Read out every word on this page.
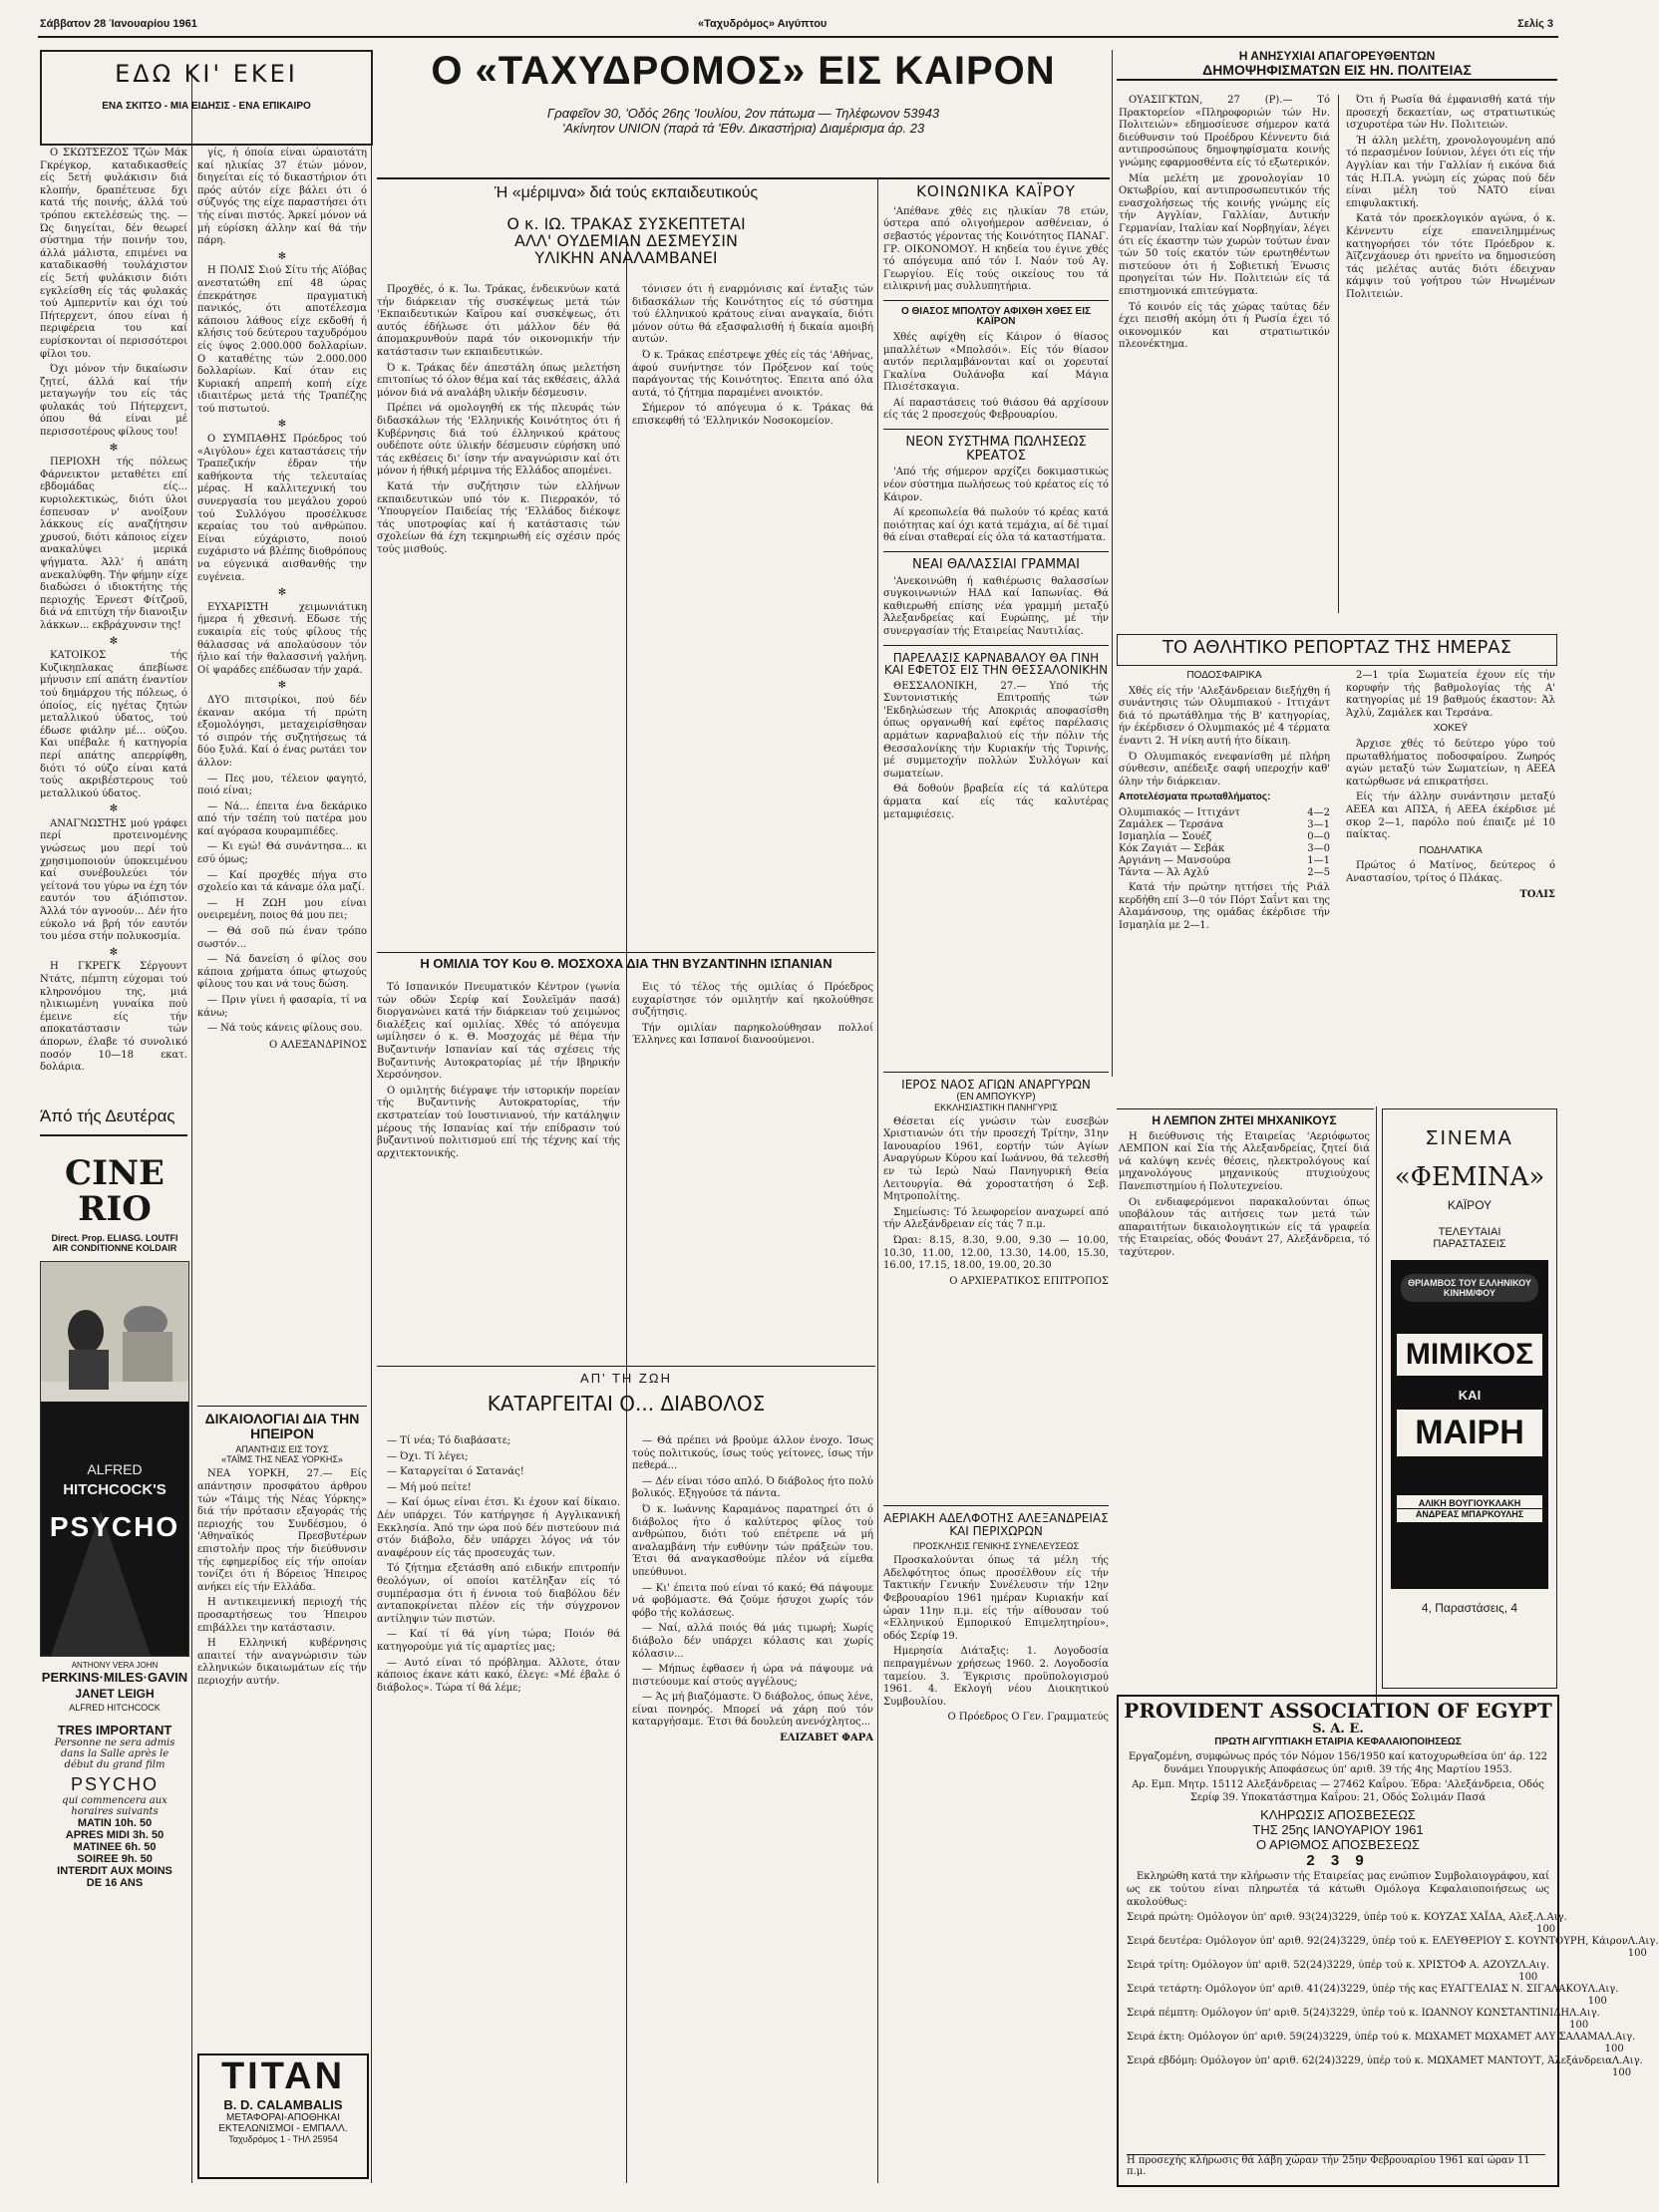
Σάββατον 28 Ίανουαρίου 1961	«Ταχυδρόμος» Αιγύπτου	Σελίς 3
ΕΔΩ ΚΙ' ΕΚΕΙ
ΕΝΑ ΣΚΙΤΣΟ - ΜΙΑ ΕΙΔΗΣΙΣ - ΕΝΑ ΕΠΙΚΑΙΡΟ

Ο ΣΚΩΤΣΕΖΟΣ Τζών Μάκ Γκρέγκορ, καταδικασθείς είς 5ετή φυλάκισιν διά κλοπήν, δραπέτευσε δχι κατά τής ποινής, άλλά τού τρόπου εκτελέσεώς της. — Ώς διηγείται, δέν θεωρεί σύστημα τήν ποινήν του, άλλά μάλιστα, επιμένει να καταδικασθή τουλάχιστον είς 5ετή φυλάκισιν διότι εγκλείσθη είς τάς φυλακάς τού Αμπερντίν και όχι τού Πήτερχεντ, όπου είναι ή περιφέρεια του καί ευρίσκονται οί περισσότεροι φίλοι του.

Όχι μόνον τήν δικαίωσιν ζητεί, άλλά καί τήν μεταγωγήν του είς τάς φυλακάς τού Πήτερχεντ, όπου θά είναι μέ περισσοτέρους φίλους του!

✻

ΠΕΡΙΟΧΗ τής πόλεως Φάρνεικτον μεταθέτει επί εβδομάδας είς... κυριολεκτικώς, διότι ύλοι έσπευσαν ν' ανοίξουν λάκκους είς αναζήτησιν χρυσού, διότι κάποιος είχεν ανακαλύψει μερικά ψήγματα. Άλλ' ή απάτη ανεκαλύφθη. Τήν φήμην είχε διαδώσει ό ιδιοκτήτης τής περιοχής Έρνεστ Φίτζροϋ, διά νά επιτύχη τήν διανοιξιν λάκκων... εκβράχυνσιν της!

✻

ΚΑΤΟΙΚΟΣ τής Κυζικηπλακας άπεβίωσε μήνυσιν επί απάτη έναντίον τού δημάρχου τής πόλεως, ό όποίος, είς ηγέτας ζητών μεταλλικού ύδατος, τού έδωσε φιάλην μέ... ούζου. Και υπέβαλε ή κατηγορία περί απάτης απερρίφθη, διότι τό ούζο είναι κατά τούς ακριβέστερους τού μεταλλικού ύδατος.

✻

ΑΝΑΓΝΩΣΤΗΣ μού γράφει περί προτεινομένης γνώσεως μου περί τού χρησιμοποιούν ύποκειμένου καί συνέβουλεύει τόν γείτονά του γύρω να έχη τόν εαυτόν του άξιόπιστον. Άλλά τόν αγνοούν... Δέν ήτο εύκολο νά βρή τόν εαυτόν του μέσα στήν πολυκοσμία.

✻

Η ΓΚΡΕΓΚ Σέργουντ Ντάτς, πέμπτη εύχομαι τού κληρονόμου της, μιά ηλικιωμένη γυναίκα πού έμεινε είς τήν αποκατάστασιν τών άπορων, έλαβε τό συνολικό ποσόν 10—18 εκατ. δολάρια.

Άπό τής Δευτέρας
CINE RIO
Direct. Prop. ELIASG. LOUTFI
AIR CONDITIONNE KOLDAIR
ALFRED
HITCHCOCK'S
PSYCHO
ANTHONY VERA JOHN
PERKINS·MILES·GAVIN
JANET LEIGH
ALFRED HITCHCOCK
TRES IMPORTANT
Personne ne sera admis
dans la Salle après le
début du grand film
PSYCHO
qui commencera aux
horaires suivants
MATIN 10h. 50
APRES MIDI 3h. 50
MATINEE 6h. 50
SOIREE 9h. 50
INTERDIT AUX MOINS
DE 16 ANS

γίς, ή όποία είναι ώραιοτάτη καί ηλικίας 37 έτών μόνον, διηγείται είς τό δικαστήριον ότι πρός αύτόν είχε βάλει ότι ό σύζυγός της είχε παραστήσει ότι τής είναι πιστός. Άρκεί μόνον νά μή εύρίσκη άλλην καί θά τήν πάρη.

✻

Η ΠΟΛΙΣ Σιού Σίτυ τής Αϊόβας ανεστατώθη επί 48 ώρας έπεκράτησε πραγματική πανικός, ότι αποτέλεσμα κάποιου λάθους είχε εκδοθή ή κλήσις τού δεύτερου ταχυδρόμου είς ύψος 2.000.000 δολλαρίων. Ο καταθέτης τών 2.000.000 δολλαρίων. Καί όταν εις Κυριακή απρεπή κοπή είχε ιδιαιτέρως μετά τής Τραπέζης τού πιστωτού.

✻

Ο ΣΥΜΠΑΘΗΣ Πρόεδρος τού «Αιγύλου» έχει καταστάσεις τήν Τραπεζικήν έδραν τήν καθήκοντα τής τελευταίας μέρας. Η καλλιτεχνική του συνεργασία του μεγάλου χορού τού Συλλόγου προσέλκυσε κεραίας του τού ανθρώπου. Είναι εύχάριστο, ποιού ευχάριστο νά βλέπης διοθρόπους να εύγενικά αισθανθής την ευγένεια.

✻

ΕΥΧΑΡΙΣΤΗ χειμωνιάτικη ήμερα ή χθεσινή. Εδωσε τής ευκαιρία είς τούς φίλους τής θάλασσας νά απολαύσουν τόν ήλιο καί τήν θαλασσινή γαλήνη. Οί ψαράδες επέδωσαν τήν χαρά.

✻

ΔΥΟ πιτσιρίκοι, πού δέν έκαναν ακόμα τή πρώτη εξομολόγησι, μεταχειρίσθησαν τό σιπρόν τής συζητήσεως τά δύο ξυλά. Καί ό ένας ρωτάει τον άλλον:

— Πες μου, τέλειον φαγητό, ποιό είναι;

— Νά... έπειτα ένα δεκάρικο από τήν τσέπη τού πατέρα μου καί αγόρασα κουραμπιέδες.

— Κι εγώ! Θά συνάντησα... κι εσύ όμως;

— Καί προχθές πήγα στο σχολείο και τά κάναμε όλα μαζί.

— Η ΖΩΗ μου είναι ονειρεμένη, ποιος θά μου πει;

— Θά σοῦ πώ έναν τρόπο σωστόν...

— Νά δανείση ό φίλος σου κάποια χρήματα όπως φτωχούς φίλους του και νά τους δώση.

— Πριν γίνει ή φασαρία, τί να κάνω;

— Νά τούς κάνεις φίλους σου.

Ο ΑΛΕΞΑΝΔΡΙΝΟΣ
ΔΙΚΑΙΟΛΟΓΙΑΙ ΔΙΑ ΤΗΝ ΗΠΕΙΡΟΝ
ΑΠΑΝΤΗΣΙΣ ΕΙΣ ΤΟΥΣ
«ΤΑΪΜΣ ΤΗΣ ΝΕΑΣ ΥΟΡΚΗΣ»

ΝΕΑ ΥΟΡΚΗ, 27.— Είς απάντησιν προσφάτου άρθρου τών «Τάιμς τής Νέας Υόρκης» διά τήν πρότασιν εξαγοράς τής περιοχής του Συνδέσμου, ό 'Αθηναϊκός Πρεσβυτέρων επιστολήν προς τήν διεύθυνσιν τής εφημερίδος είς τήν οποίαν τονίζει ότι ή Βόρειος Ήπειρος ανήκει είς τήν Ελλάδα.

Η αντικειμενική περιοχή τής προσαρτήσεως του Ήπειρου επιβάλλει την κατάστασιν.

Η Ελληνική κυβέρνησις απαιτεί τήν αναγνώρισιν τών ελληνικών δικαιωμάτων είς τήν περιοχήν αυτήν.

TITAN
B. D. CALAMBALIS
ΜΕΤΑΦΟΡΑΙ-ΑΠΟΘΗΚΑΙ
ΕΚΤΕΛΩΝΙΣΜΟΙ - ΕΜΠΑΛΛ.
Ταχυδρόμος 1 - ΤΗΛ 25954
Ο «ΤΑΧΥΔΡΟΜΟΣ» ΕΙΣ ΚΑΙΡΟΝ
Γραφεῖον 30, 'Οδός 26ης 'Ιουλίου, 2ον πάτωμα — Τηλέφωνον 53943
'Ακίνητον UNION (παρά τά 'Εθν. Δικαστήρια) Διαμέρισμα άρ. 23
Ή «μέριμνα» διά τούς εκπαιδευτικούς
Ο κ. ΙΩ. ΤΡΑΚΑΣ ΣΥΣΚΕΠΤΕΤΑΙ
ΑΛΛ' ΟΥΔΕΜΙΑΝ ΔΕΣΜΕΥΣΙΝ
ΥΛΙΚΗΝ ΑΝΑΛΑΜΒΑΝΕΙ

Προχθές, ό κ. Ίω. Τράκας, ένδεικνύων κατά τήν διάρκειαν τής συσκέψεως μετά τών 'Εκπαιδευτικών Καΐρου καί συσκέψεως, ότι αυτός έδήλωσε ότι μάλλον δέν θά άπομακρυνθούν παρά τόν οικονομικήν τήν κατάστασιν των εκπαιδευτικών.

Ό κ. Τράκας δέν άπεστάλη όπως μελετήση επιτοπίως τό όλον θέμα καί τάς εκθέσεις, άλλά μόνον διά νά αναλάβη υλικήν δέσμευσιν.

Πρέπει νά ομολογηθή εκ τής πλευράς τών διδασκάλων τής 'Ελληνικής Κοινότητος ότι ή Κυβέρνησις διά τού έλληνικού κράτους ουδέποτε ούτε ύλικήν δέσμευσιν εύρήσκη υπό τάς εκθέσεις δι' ίσην τήν αναγνώρισιν καί ότι μόνον ή ήθική μέριμνα τής Ελλάδος απομένει.

Κατά τήν συζήτησιν τών ελλήνων εκπαιδευτικών υπό τόν κ. Πιερρακόν, τό 'Υπουργείον Παιδείας τής 'Ελλάδος διέκοψε τάς υποτροφίας καί ή κατάστασις τών σχολείων θά έχη τεκμηριωθή είς σχέσιν πρός τούς μισθούς.

τόνισεν ότι ή εναρμόνισις καί ένταξις τών διδασκάλων τής Κοινότητος είς τό σύστημα τού έλληνικού κράτους είναι αναγκαία, διότι μόνον ούτω θά εξασφαλισθή ή δικαία αμοιβή αυτών.

Ό κ. Τράκας επέστρεψε χθές είς τάς 'Αθήνας, άφού συνήντησε τόν Πρόξενον καί τούς παράγοντας τής Κοινότητος. Έπειτα από όλα αυτά, τό ζήτημα παραμένει ανοικτόν.

Σήμερον τό απόγευμα ό κ. Τράκας θά επισκεφθή τό 'Ελληνικόν Νοσοκομείον.

Η ΟΜΙΛΙΑ ΤΟΥ Κου Θ. ΜΟΣΧΟΧΑ ΔΙΑ ΤΗΝ ΒΥΖΑΝΤΙΝΗΝ ΙΣΠΑΝΙΑΝ

Τό Ισπανικόν Πνευματικόν Κέντρον (γωνία τών οδών Σερίφ καί Σουλεϊμάν πασά) διοργανώνει κατά τήν διάρκειαν τού χειμώνος διαλέξεις καί ομιλίας. Χθές τό απόγευμα ωμίλησεν ό κ. Θ. Μοσχοχάς μέ θέμα τήν Βυζαντινήν Ισπανίαν καί τάς σχέσεις τής Βυζαντινής Αυτοκρατορίας μέ τήν Ιβηρικήν Χερσόνησον.

Ο ομιλητής διέγραψε τήν ιστορικήν πορείαν τής Βυζαντινής Αυτοκρατορίας, τήν εκστρατείαν τού Ιουστινιανού, τήν κατάληψιν μέρους τής Ισπανίας καί τήν επίδρασιν τού βυζαντινού πολιτισμού επί τής τέχνης καί τής αρχιτεκτονικής.

Εις τό τέλος τής ομιλίας ό Πρόεδρος ευχαρίστησε τόν ομιλητήν καί ηκολούθησε συζήτησις.

Τήν ομιλίαν παρηκολούθησαν πολλοί Έλληνες και Ισπανοί διανοούμενοι.

ΑΠ' ΤΗ ΖΩΗ
ΚΑΤΑΡΓΕΙΤΑΙ Ο... ΔΙΑΒΟΛΟΣ

— Τί νέα; Τό διαβάσατε;

— Όχι. Τί λέγει;

— Καταργείται ό Σατανάς!

— Μή μού πείτε!

— Καί όμως είναι έτσι. Κι έχουν καί δίκαιο. Δέν υπάρχει. Τόν κατήργησε ή Αγγλικανική Εκκλησία. Άπό την ώρα πού δέν πιστεύουν πιά στόν διάβολο, δέν υπάρχει λόγος νά τόν αναφέρουν είς τάς προσευχάς των.

Τό ζήτημα εξετάσθη από ειδικήν επιτροπήν θεολόγων, οί οποίοι κατέληξαν είς τό συμπέρασμα ότι ή έννοια τού διαβόλου δέν ανταποκρίνεται πλέον είς τήν σύγχρονον αντίληψιν τών πιστών.

— Καί τί θά γίνη τώρα; Ποιόν θά κατηγορούμε γιά τίς αμαρτίες μας;

— Αυτό είναι τό πρόβλημα. Άλλοτε, όταν κάποιος έκανε κάτι κακό, έλεγε: «Μέ έβαλε ό διάβολος». Τώρα τί θά λέμε;

— Θά πρέπει νά βρούμε άλλον ένοχο. Ίσως τούς πολιτικούς, ίσως τούς γείτονες, ίσως τήν πεθερά...

— Δέν είναι τόσο απλό. Ό διάβολος ήτο πολύ βολικός. Εξηγούσε τά πάντα.

Ό κ. Ιωάννης Καραμάνος παρατηρεί ότι ό διάβολος ήτο ό καλύτερος φίλος τού ανθρώπου, διότι τού επέτρεπε νά μή αναλαμβάνη τήν ευθύνην τών πράξεών του. Έτσι θά αναγκασθούμε πλέον νά είμεθα υπεύθυνοι.

— Κι' έπειτα πού είναι τό κακό; Θά πάψουμε νά φοβόμαστε. Θά ζούμε ήσυχοι χωρίς τόν φόβο τής κολάσεως.

— Ναί, αλλά ποιός θά μάς τιμωρή; Χωρίς διάβολο δέν υπάρχει κόλασις και χωρίς κόλασιν...

— Μήπως έφθασεν ή ώρα νά πάψουμε νά πιστεύουμε καί στούς αγγέλους;

— Άς μή βιαζόμαστε. Ό διάβολος, όπως λένε, είναι πονηρός. Μπορεί νά χάρη πού τόν καταργήσαμε. Έτσι θά δουλεύη ανενόχλητος...

ΕΛΙΖΑΒΕΤ ΦΑΡΑ
ΚΟΙΝΩΝΙΚΑ ΚΑΪΡΟΥ

'Απέθανε χθές εις ηλικίαν 78 ετών, ύστερα από ολιγοήμερον ασθένειαν, ό σεβαστός γέροντας τής Κοινότητος ΠΑΝΑΓ. ΓΡ. ΟΙΚΟΝΟΜΟΥ. Η κηδεία του έγινε χθές τό απόγευμα από τόν Ι. Ναόν τού Αγ. Γεωργίου. Είς τούς οικείους του τά ειλικρινή μας συλλυπητήρια.

Ο ΘΙΑΣΟΣ ΜΠΟΛΤΟΥ ΑΦΙΧΘΗ ΧΘΕΣ ΕΙΣ ΚΑΪΡΟΝ

Χθές αφίχθη είς Κάιρον ό θίασος μπαλλέτων «Μπολσόι». Είς τόν θίασον αυτόν περιλαμβάνονται καί οι χορευταί Γκαλίνα Ουλάνοβα καί Μάγια Πλισέτσκαγια.

Αί παραστάσεις τού θιάσου θά αρχίσουν είς τάς 2 προσεχούς Φεβρουαρίου.

ΝΕΟΝ ΣΥΣΤΗΜΑ ΠΩΛΗΣΕΩΣ ΚΡΕΑΤΟΣ

'Από τής σήμερον αρχίζει δοκιμαστικώς νέον σύστημα πωλήσεως τού κρέατος είς τό Κάιρον.

Αί κρεοπωλεία θά πωλούν τό κρέας κατά ποιότητας καί όχι κατά τεμάχια, αί δέ τιμαί θά είναι σταθεραί είς όλα τά καταστήματα.

ΝΕΑΙ ΘΑΛΑΣΣΙΑΙ ΓΡΑΜΜΑΙ

'Ανεκοινώθη ή καθιέρωσις θαλασσίων συγκοινωνιών ΗΑΔ καί Ιαπωνίας. Θά καθιερωθή επίσης νέα γραμμή μεταξύ Άλεξανδρείας καί Ευρώπης, μέ τήν συνεργασίαν τής Εταιρείας Ναυτιλίας.

ΠΑΡΕΛΑΣΙΣ ΚΑΡΝΑΒΑΛΟΥ ΘΑ ΓΙΝΗ ΚΑΙ ΕΦΕΤΟΣ ΕΙΣ ΤΗΝ ΘΕΣΣΑΛΟΝΙΚΗΝ

ΘΕΣΣΑΛΟΝΙΚΗ, 27.— Υπό τής Συντονιστικής Επιτροπής τών 'Εκδηλώσεων τής Αποκριάς αποφασίσθη όπως οργανωθή καί εφέτος παρέλασις αρμάτων καρναβαλιού είς τήν πόλιν τής Θεσσαλονίκης τήν Κυριακήν τής Τυρινής, μέ συμμετοχήν πολλών Συλλόγων καί σωματείων.

Θά δοθούν βραβεία είς τά καλύτερα άρματα καί είς τάς καλυτέρας μεταμφιέσεις.

ΙΕΡΟΣ ΝΑΟΣ ΑΓΙΩΝ ΑΝΑΡΓΥΡΩΝ
(ΕΝ ΑΜΠΟΥΚΥΡ)
ΕΚΚΛΗΣΙΑΣΤΙΚΗ ΠΑΝΗΓΥΡΙΣ

Θέσεται είς γνώσιν τών ευσεβών Χριστιανών ότι τήν προσεχή Τρίτην, 31ην Ιανουαρίου 1961, εορτήν τών Αγίων Αναργύρων Κύρου καί Ιωάννου, θά τελεσθή εν τώ Ιερώ Ναώ Πανηγυρική Θεία Λειτουργία. Θά χοροστατήση ό Σεβ. Μητροπολίτης.

Σημείωσις: Τό λεωφορείον αναχωρεί από τήν Αλεξάνδρειαν είς τάς 7 π.μ.

Ώραι: 8.15, 8.30, 9.00, 9.30 — 10.00, 10.30, 11.00, 12.00, 13.30, 14.00, 15.30, 16.00, 17.15, 18.00, 19.00, 20.30

Ο ΑΡΧΙΕΡΑΤΙΚΟΣ ΕΠΙΤΡΟΠΟΣ
ΑΕΡΙΑΚΗ ΑΔΕΛΦΟΤΗΣ ΑΛΕΞΑΝΔΡΕΙΑΣ ΚΑΙ ΠΕΡΙΧΩΡΩΝ
ΠΡΟΣΚΛΗΣΙΣ ΓΕΝΙΚΗΣ ΣΥΝΕΛΕΥΣΕΩΣ

Προσκαλούνται όπως τά μέλη τής Αδελφότητος όπως προσέλθουν είς τήν Τακτικήν Γενικήν Συνέλευσιν τήν 12ην Φεβρουαρίου 1961 ημέραν Κυριακήν καί ώραν 11ην π.μ. είς τήν αίθουσαν τού «Ελληνικού Εμπορικού Επιμελητηρίου», οδός Σερίφ 19.

Ημερησία Διάταξις: 1. Λογοδοσία πεπραγμένων χρήσεως 1960. 2. Λογοδοσία ταμείου. 3. Έγκρισις προϋπολογισμού 1961. 4. Εκλογή νέου Διοικητικού Συμβουλίου.

Ο Πρόεδρος Ο Γεν. Γραμματεύς
Η ΑΝΗΣΥΧΙΑΙ ΑΠΑΓΟΡΕΥΘΕΝΤΩΝ
ΔΗΜΟΨΗΦΙΣΜΑΤΩΝ ΕΙΣ ΗΝ. ΠΟΛΙΤΕΙΑΣ

ΟΥΑΣΙΓΚΤΩΝ, 27 (Ρ).— Τό Πρακτορείον «Πληροφοριών τών Ην. Πολιτειών» εδημοσίευσε σήμερον κατά διεύθυνσιν τού Προέδρου Κέννεντυ διά αντιπροσώπους δημοψηφίσματα κοινής γνώμης εφαρμοσθέντα είς τό εξωτερικόν.

Μία μελέτη με χρονολογίαν 10 Οκτωβρίου, καί αντιπροσωπευτικόν τής ενασχολήσεως τής κοινής γνώμης είς τήν Αγγλίαν, Γαλλίαν, Δυτικήν Γερμανίαν, Ιταλίαν καί Νορβηγίαν, λέγει ότι είς έκαστην τών χωρών τούτων έναν τών 50 τοίς εκατόν τών ερωτηθέντων πιστεύουν ότι ή Σοβιετική Ένωσις προηγείται τών Ην. Πολιτειών είς τά επιστημονικά επιτεύγματα.

Τό κοινόν είς τάς χώρας ταύτας δέν έχει πεισθή ακόμη ότι ή Ρωσία έχει τό οικονομικόν και στρατιωτικόν πλεονέκτημα.

Ότι ή Ρωσία θά έμφανισθή κατά τήν προσεχή δεκαετίαν, ως στρατιωτικώς ισχυροτέρα τών Ην. Πολιτειών.

Ή άλλη μελέτη, χρονολογουμένη από τό περασμένον Ιούνιον, λέγει ότι είς τήν Αγγλίαν και τήν Γαλλίαν ή εικόνα διά τάς Η.Π.Α. γνώμη είς χώρας πού δέν είναι μέλη τού ΝΑΤΟ είναι επιφυλακτική.

Κατά τόν προεκλογικόν αγώνα, ό κ. Κέννεντυ είχε επανειλημμένως κατηγορήσει τόν τότε Πρόεδρον κ. Άϊζενχάουερ ότι ηρνείτο να δημοσιεύση τάς μελέτας αυτάς διότι έδειχναν κάμψιν τού γοήτρου τών Ηνωμένων Πολιτειών.

ΤΟ ΑΘΛΗΤΙΚΟ ΡΕΠΟΡΤΑΖ ΤΗΣ ΗΜΕΡΑΣ
ΠΟΔΟΣΦΑΙΡΙΚΑ

Χθές είς τήν 'Αλεξάνδρειαν διεξήχθη ή συνάντησις τών Ολυμπιακού - Ιττιχάντ διά τό πρωτάθλημα τής Β' κατηγορίας, ήν έκέρδισεν ό Ολυμπιακός μέ 4 τέρματα έναντι 2. Ή νίκη αυτή ήτο δίκαιη.

Ό Ολυμπιακός ενεφανίσθη μέ πλήρη σύνθεσιν, απέδειξε σαφή υπεροχήν καθ' όλην τήν διάρκειαν.

Αποτελέσματα πρωταθλήματος:
Ολυμπιακός — Ιττιχάντ	4—2
Ζαμάλεκ — Τερσάνα	3—1
Ισμαηλία — Σουέζ	0—0
Κόκ Ζαγιάτ — Σεβάκ	3—0
Αργιάνη — Μανσούρα	1—1
Τάντα — Άλ Αχλύ	2—5

Κατά τήν πρώτην ηττήσει τής Ριάλ κερδήθη επί 3—0 τόν Πόρτ Σαΐντ και της Αλαμάνσουρ, της ομάδας έκέρδισε τήν Ισμαηλία με 2—1.

2—1 τρία Σωματεία έχουν είς τήν κορυφήν τής βαθμολογίας τής Α' κατηγορίας μέ 19 βαθμούς έκαστον: Άλ Άχλύ, Ζαμάλεκ και Τερσάνα.

ΧΟΚΕΫ

Άρχισε χθές τό δεύτερο γύρο τού πρωταθλήματος ποδοσφαίρου. Ζωηρός αγών μεταξύ τών Σωματείων, η ΑΕΕΑ κατώρθωσε νά επικρατήσει.

Είς τήν άλλην συνάντησιν μεταξύ ΑΕΕΑ και ΑΠΣΑ, ή ΑΕΕΑ έκέρδισε μέ σκορ 2—1, παρόλο πού έπαιζε μέ 10 παίκτας.

ΠΟΔΗΛΑΤΙΚΑ

Πρώτος ό Ματίνος, δεύτερος ό Αναστασίου, τρίτος ό Πλάκας.

ΤΟΛΙΣ
Η ΛΕΜΠΟΝ ΖΗΤΕΙ ΜΗΧΑΝΙΚΟΥΣ

Η διεύθυνσις τής Εταιρείας 'Αεριόφωτος ΛΕΜΠΟΝ καί Σία τής Αλεξανδρείας, ζητεί διά νά καλύψη κενές θέσεις, ηλεκτρολόγους καί μηχανολόγους μηχανικούς πτυχιούχους Πανεπιστημίου ή Πολυτεχνείου.

Οι ενδιαφερόμενοι παρακαλούνται όπως υποβάλουν τάς αιτήσεις των μετά τών απαραιτήτων δικαιολογητικών είς τά γραφεία τής Εταιρείας, οδός Φουάντ 27, Αλεξάνδρεια, τό ταχύτερον.

ΣΙΝΕΜΑ
«ΦΕΜΙΝΑ»
ΚΑΪΡΟΥ
ΤΕΛΕΥΤΑΙΑΙ
ΠΑΡΑΣΤΑΣΕΙΣ
ΘΡΙΑΜΒΟΣ ΤΟΥ ΕΛΛΗΝΙΚΟΥ ΚΙΝΗΜ/ΦΟΥ
ΜΙΜΙΚΟΣ
ΚΑΙ
ΜΑΙΡΗ
ΑΛΙΚΗ ΒΟΥΓΙΟΥΚΛΑΚΗ
ΑΝΔΡΕΑΣ ΜΠΑΡΚΟΥΛΗΣ
4, Παραστάσεις, 4
PROVIDENT ASSOCIATION OF EGYPT
S. A. E.
ΠΡΩΤΗ ΑΙΓΥΠΤΙΑΚΗ ΕΤΑΙΡΙΑ ΚΕΦΑΛΑΙΟΠΟΙΗΣΕΩΣ

Εργαζομένη, συμφώνως πρός τόν Νόμον 156/1950 καί κατοχυρωθείσα ύπ' άρ. 122 δυνάμει Υπουργικής Αποφάσεως ύπ' αριθ. 39 τής 4ης Μαρτίου 1953.

Αρ. Εμπ. Μητρ. 15112 Αλεξάνδρειας — 27462 Καΐρου. Έδρα: 'Αλεξάνδρεια, Οδός Σερίφ 39. Υποκατάστημα Καΐρου: 21, Οδός Σολιμάν Πασά

ΚΛΗΡΩΣΙΣ ΑΠΟΣΒΕΣΕΩΣ
ΤΗΣ 25ης ΙΑΝΟΥΑΡΙΟΥ 1961
Ο ΑΡΙΘΜΟΣ ΑΠΟΣΒΕΣΕΩΣ
2 3 9

Εκληρώθη κατά την κλήρωσιν τής Εταιρείας μας ενώπιον Συμβολαιογράφου, καί ως εκ τούτου είναι πληρωτέα τά κάτωθι Ομόλογα Κεφαλαιοποιήσεως ως ακολούθως:

Σειρά πρώτη: Ομόλογον ύπ' αριθ. 93(24)3229, ύπέρ τού κ. ΚΟΥΖΑΣ ΧΑΪΔΑ, Αλεξ. Λ.Αιγ. 100
Σειρά δευτέρα: Ομόλογον ύπ' αριθ. 92(24)3229, ύπέρ τού κ. ΕΛΕΥΘΕΡΙΟΥ Σ. ΚΟΥΝΤΟΥΡΗ, Κάιρον Λ.Αιγ. 100
Σειρά τρίτη: Ομόλογον ύπ' αριθ. 52(24)3229, ύπέρ τού κ. ΧΡΙΣΤΟΦ Α. ΑΖΟΥΖ Λ.Αιγ. 100
Σειρά τετάρτη: Ομόλογον ύπ' αριθ. 41(24)3229, ύπέρ τής κας ΕΥΑΓΓΕΛΙΑΣ Ν. ΣΙΓΑΛΑΚΟΥ Λ.Αιγ. 100
Σειρά πέμπτη: Ομόλογον ύπ' αριθ. 5(24)3229, ύπέρ τού κ. ΙΩΑΝΝΟΥ ΚΩΝΣΤΑΝΤΙΝΙΔΗ Λ.Αιγ. 100
Σειρά έκτη: Ομόλογον ύπ' αριθ. 59(24)3229, ύπέρ τού κ. ΜΩΧΑΜΕΤ ΜΩΧΑΜΕΤ ΑΛΥ ΣΑΛΑΜΑ Λ.Αιγ. 100
Σειρά εβδόμη: Ομόλογον ύπ' αριθ. 62(24)3229, ύπέρ τού κ. ΜΩΧΑΜΕΤ ΜΑΝΤΟΥΤ, Άλεξάνδρεια Λ.Αιγ. 100
Η προσεχής κλήρωσις θά λάβη χώραν τήν 25ην Φεβρουαρίου 1961 καί ώραν 11 π.μ.
